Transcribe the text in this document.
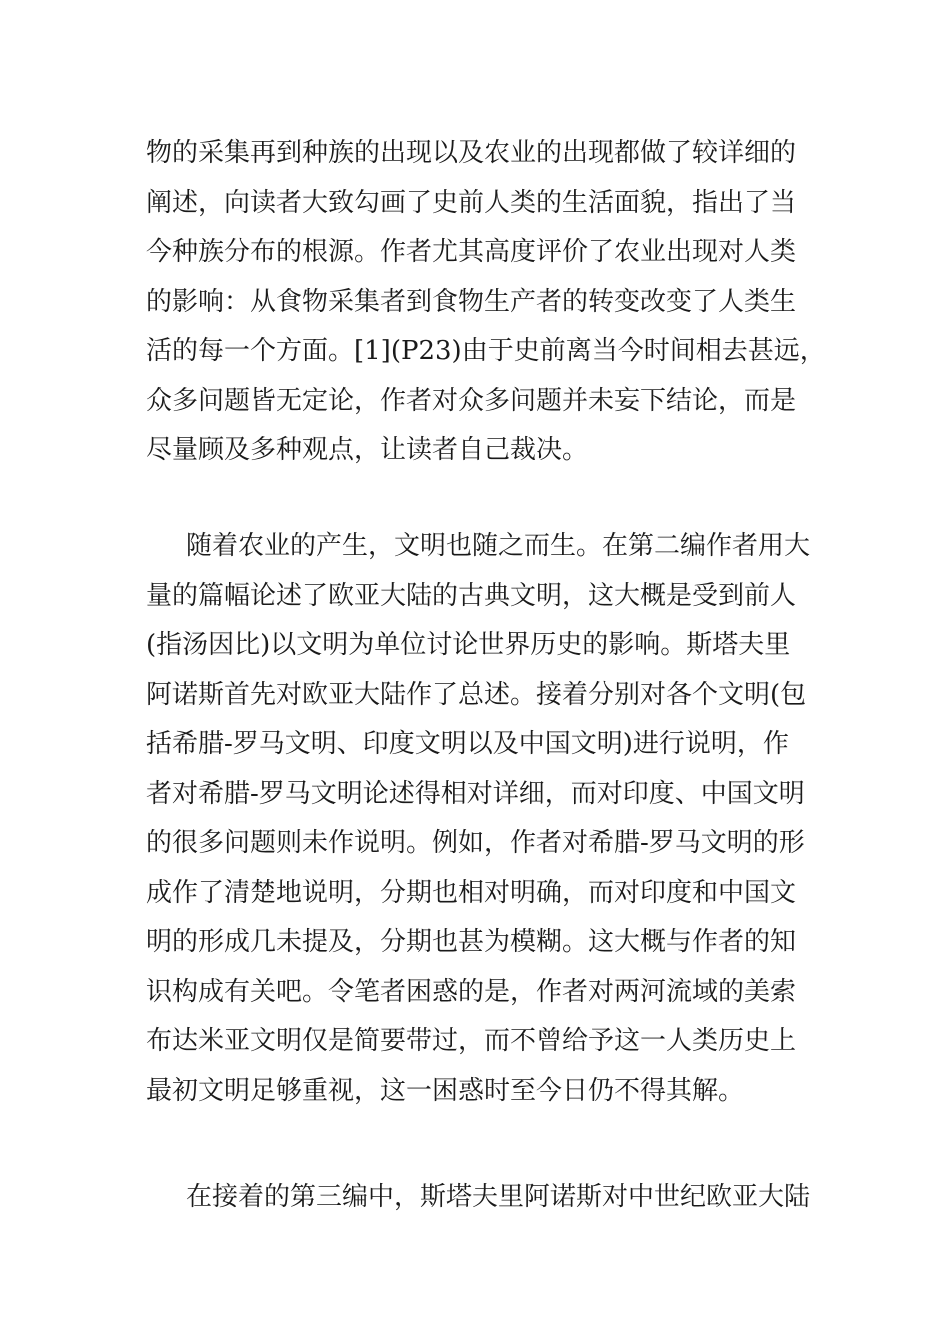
物的采集再到种族的出现以及农业的出现都做了较详细的
阐述，向读者大致勾画了史前人类的生活面貌，指出了当
今种族分布的根源。作者尤其高度评价了农业出现对人类
的影响：从食物采集者到食物生产者的转变改变了人类生
活的每一个方面。[1](P23)由于史前离当今时间相去甚远，
众多问题皆无定论，作者对众多问题并未妄下结论，而是
尽量顾及多种观点，让读者自己裁决。

随着农业的产生，文明也随之而生。在第二编作者用大
量的篇幅论述了欧亚大陆的古典文明，这大概是受到前人
(指汤因比)以文明为单位讨论世界历史的影响。斯塔夫里
阿诺斯首先对欧亚大陆作了总述。接着分别对各个文明(包
括希腊-罗马文明、印度文明以及中国文明)进行说明，作
者对希腊-罗马文明论述得相对详细，而对印度、中国文明
的很多问题则未作说明。例如，作者对希腊-罗马文明的形
成作了清楚地说明，分期也相对明确，而对印度和中国文
明的形成几未提及，分期也甚为模糊。这大概与作者的知
识构成有关吧。令笔者困惑的是，作者对两河流域的美索
布达米亚文明仅是简要带过，而不曾给予这一人类历史上
最初文明足够重视，这一困惑时至今日仍不得其解。

在接着的第三编中，斯塔夫里阿诺斯对中世纪欧亚大陆
